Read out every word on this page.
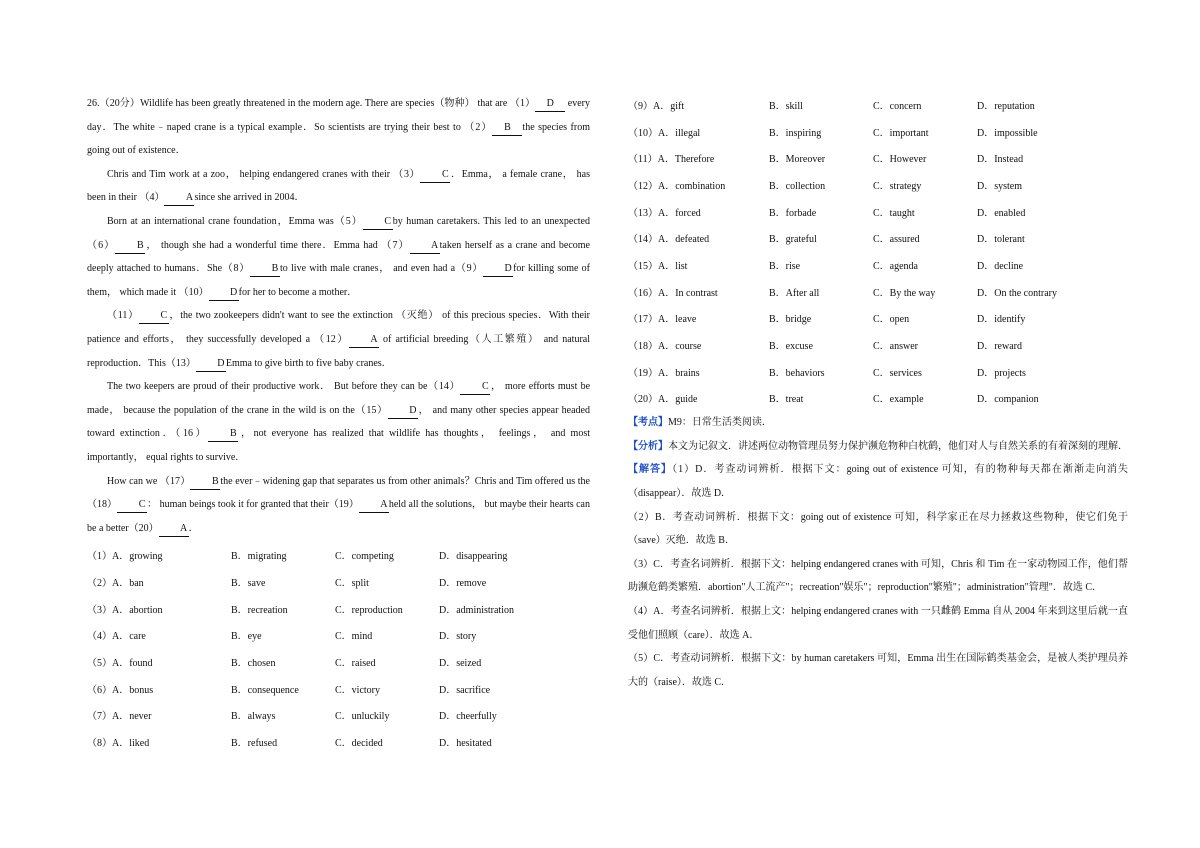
26.（20分）Wildlife has been greatly threatened in the modern age. There are species（物种） that are （1） D every day．The white﹣naped crane is a typical example．So scientists are trying their best to （2） B the species from going out of existence．

Chris and Tim work at a zoo， helping endangered cranes with their （3） C ．Emma， a female crane， has been in their （4） Asince she arrived in 2004．

Born at an international crane foundation，Emma was（5） C by human caretakers. This led to an unexpected （6） B ， though she had a wonderful time there．Emma had （7） Ataken herself as a crane and become deeply attached to humans．She（8） B to live with male cranes， and even had a（9） Dfor killing some of them， which made it （10） Dfor her to become a mother．

（11） C ，the two zookeepers didn't want to see the extinction （灭绝） of this precious species．With their patience and efforts， they successfully developed a （12） A of artificial breeding（人工繁殖） and natural reproduction．This（13） DEmma to give birth to five baby cranes．

The two keepers are proud of their productive work． But before they can be（14） C ， more efforts must be made， because the population of the crane in the wild is on the（15） D， and many other species appear headed toward extinction．（16） B ，not everyone has realized that wildlife has thoughts， feelings， and most importantly， equal rights to survive．

How can we （17） B the ever﹣widening gap that separates us from other animals？Chris and Tim offered us the（18） C ： human beings took it for granted that their（19） Aheld all the solutions， but maybe their hearts can be a better（20） A．

（1）A．growing	B．migrating	C．competing	D．disappearing
（2）A．ban	B．save	C．split	D．remove
（3）A．abortion	B．recreation	C．reproduction	D．administration
（4）A．care	B．eye	C．mind	D．story
（5）A．found	B．chosen	C．raised	D．seized
（6）A．bonus	B．consequence	C．victory	D．sacrifice
（7）A．never	B．always	C．unluckily	D．cheerfully
（8）A．liked	B．refused	C．decided	D．hesitated
（9）A．gift	B．skill	C．concern	D．reputation
（10）A．illegal	B．inspiring	C．important	D．impossible
（11）A．Therefore	B．Moreover	C．However	D．Instead
（12）A．combination	B．collection	C．strategy	D．system
（13）A．forced	B．forbade	C．taught	D．enabled
（14）A．defeated	B．grateful	C．assured	D．tolerant
（15）A．list	B．rise	C．agenda	D．decline
（16）A．In contrast	B．After all	C．By the way	D．On the contrary
（17）A．leave	B．bridge	C．open	D．identify
（18）A．course	B．excuse	C．answer	D．reward
（19）A．brains	B．behaviors	C．services	D．projects
（20）A．guide	B．treat	C．example	D．companion

【考点】M9：日常生活类阅读．

【分析】本文为记叙文．讲述两位动物管理员努力保护濒危物种白枕鹤，他们对人与自然关系的有着深刻的理解．

【解答】（1）D．考查动词辨析．根据下文：going out of existence 可知，有的物种每天都在渐渐走向消失（disappear）．故选 D．

（2）B．考查动词辨析．根据下文：going out of existence 可知，科学家正在尽力拯救这些物种，使它们免于（save）灭绝．故选 B．

（3）C．考查名词辨析．根据下文：helping endangered cranes with 可知，Chris 和 Tim 在一家动物园工作，他们帮助濒危鹤类繁殖．abortion"人工流产"；recreation"娱乐"；reproduction"繁殖"；administration"管理"．故选 C．

（4）A．考查名词辨析．根据上文：helping endangered cranes with 一只雌鹤 Emma 自从 2004 年来到这里后就一直受他们照顾（care）．故选 A．

（5）C．考查动词辨析．根据下文：by human caretakers 可知，Emma 出生在国际鹤类基金会，是被人类护理员养大的（raise）．故选 C．
